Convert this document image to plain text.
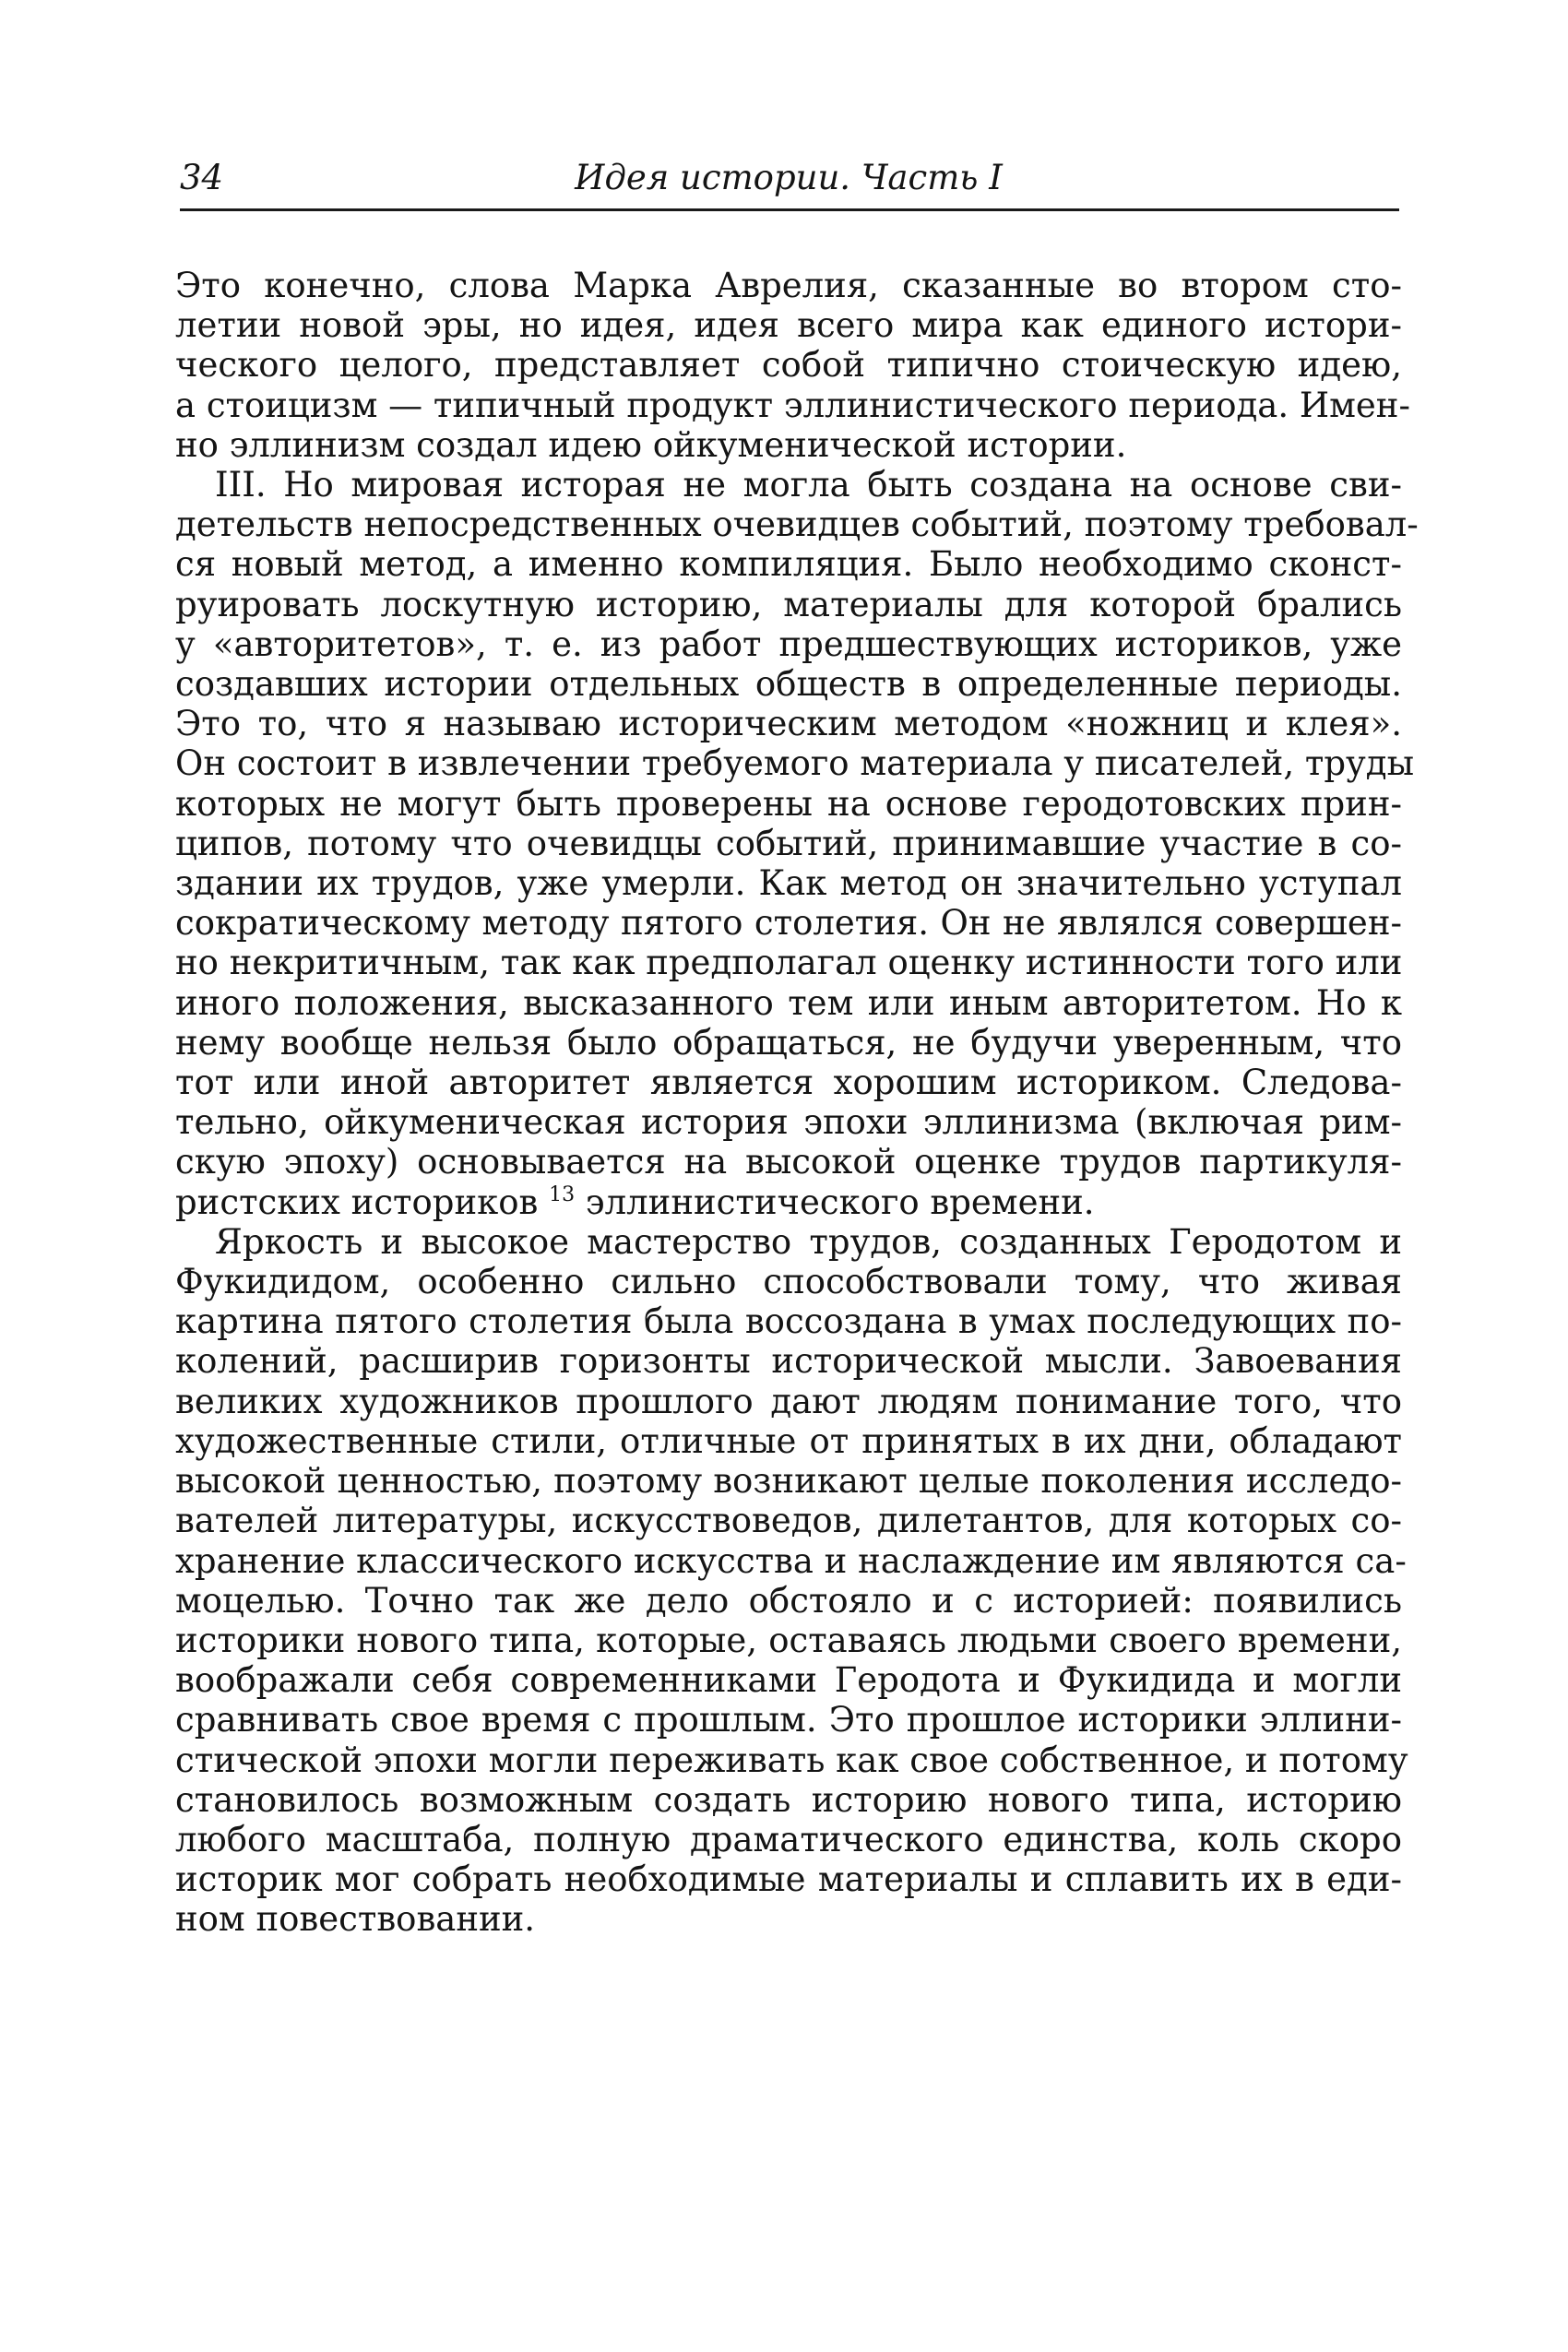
34	Идея истории. Часть I
Это конечно, слова Марка Аврелия, сказанные во втором сто-
летии новой эры, но идея, идея всего мира как единого истори-
ческого целого, представляет собой типично стоическую идею,
а стоицизм — типичный продукт эллинистического периода. Имен-
но эллинизм создал идею ойкуменической истории.
III. Но мировая истоpая не могла быть создана на основе сви-
детельств непосредственных очевидцев событий, поэтому требовал-
ся новый метод, а именно компиляция. Было необходимо сконст-
руировать лоскутную историю, материалы для которой брались
у «авторитетов», т. е. из работ предшествующих историков, уже
создавших истории отдельных обществ в определенные периоды.
Это то, что я называю историческим методом «ножниц и клея».
Он состоит в извлечении требуемого материала у писателей, труды
которых не могут быть проверены на основе геродотовских прин-
ципов, потому что очевидцы событий, принимавшие участие в со-
здании их трудов, уже умерли. Как метод он значительно уступал
сократическому методу пятого столетия. Он не являлся совершен-
но некритичным, так как предполагал оценку истинности того или
иного положения, высказанного тем или иным авторитетом. Но к
нему вообще нельзя было обращаться, не будучи уверенным, что
тот или иной авторитет является хорошим историком. Следова-
тельно, ойкуменическая история эпохи эллинизма (включая рим-
скую эпоху) основывается на высокой оценке трудов партикуля-
ристских историков $^{13}$ эллинистического времени.
Яркость и высокое мастерство трудов, созданных Геродотом и
Фукидидом, особенно сильно способствовали тому, что живая
картина пятого столетия была воссоздана в умах последующих по-
колений, расширив горизонты исторической мысли. Завоевания
великих художников прошлого дают людям понимание того, что
художественные стили, отличные от принятых в их дни, обладают
высокой ценностью, поэтому возникают целые поколения исследо-
вателей литературы, искусствоведов, дилетантов, для которых со-
хранение классического искусства и наслаждение им являются са-
моцелью. Точно так же дело обстояло и с историей: появились
историки нового типа, которые, оставаясь людьми своего времени,
воображали себя современниками Геродота и Фукидида и могли
сравнивать свое время с прошлым. Это прошлое историки эллини-
стической эпохи могли переживать как свое собственное, и потому
становилось возможным создать историю нового типа, историю
любого масштаба, полную драматического единства, коль скоро
историк мог собрать необходимые материалы и сплавить их в еди-
ном повествовании.
